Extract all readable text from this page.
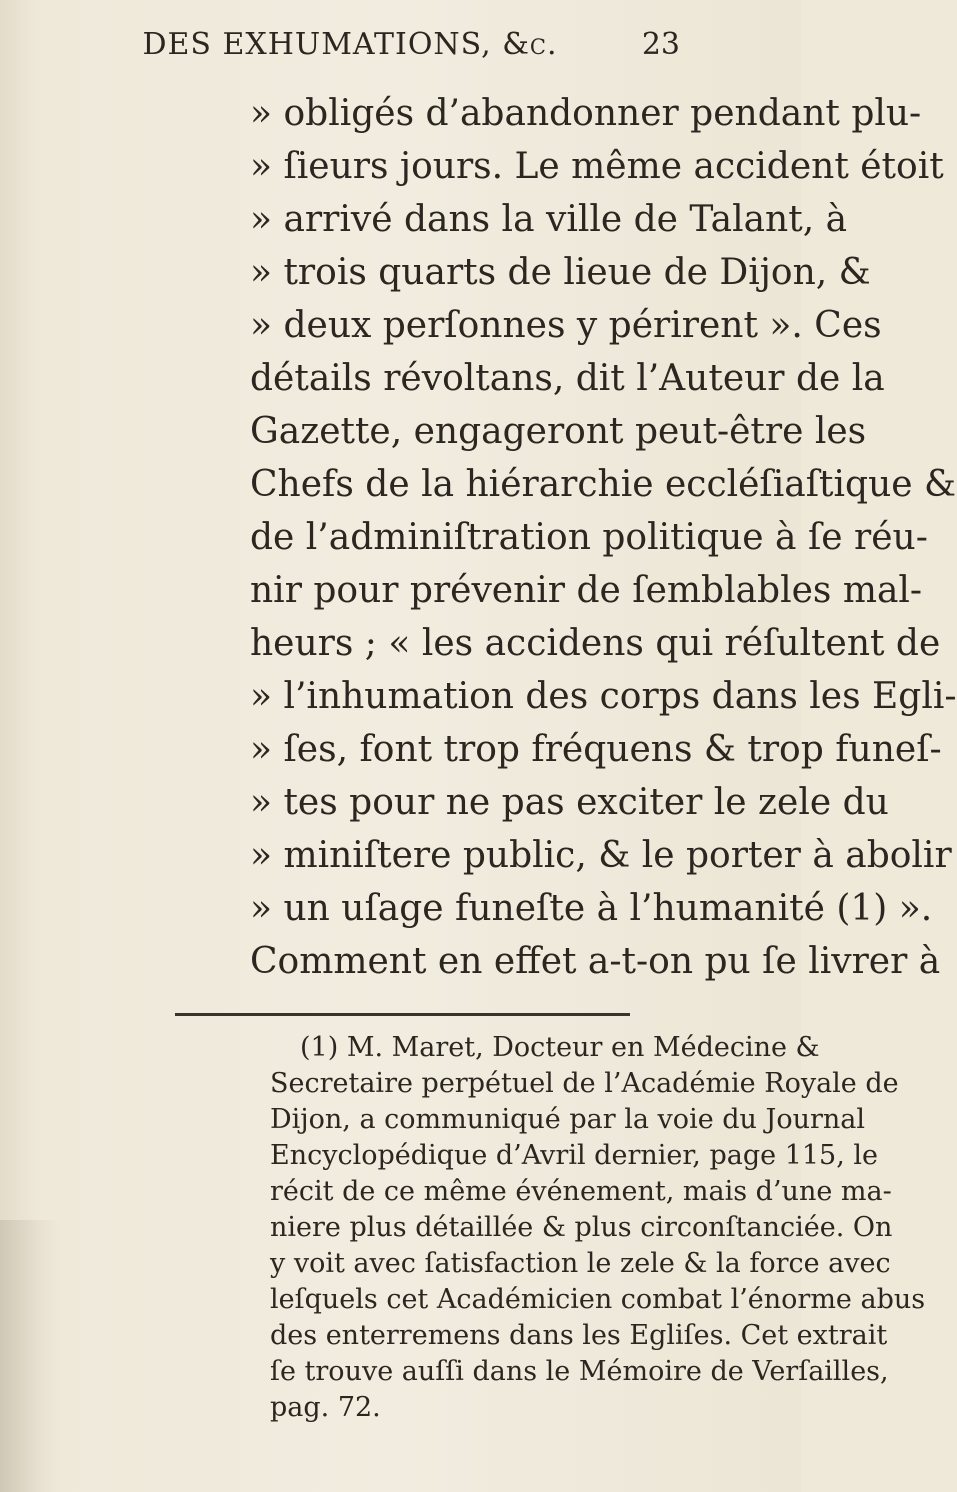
DES EXHUMATIONS, &c.	23
» obligés d’abandonner pendant plu-
» ſieurs jours. Le même accident étoit
» arrivé dans la ville de Talant, à
» trois quarts de lieue de Dijon, &
» deux perſonnes y périrent ». Ces
détails révoltans, dit l’Auteur de la
Gazette, engageront peut-être les
Chefs de la hiérarchie eccléſiaſtique &
de l’adminiſtration politique à ſe réu-
nir pour prévenir de ſemblables mal-
heurs ; « les accidens qui réſultent de
» l’inhumation des corps dans les Egli-
» ſes, font trop fréquens & trop funeſ-
» tes pour ne pas exciter le zele du
» miniſtere public, & le porter à abolir
» un uſage funeſte à l’humanité (1) ».
Comment en effet a-t-on pu ſe livrer à
(1) M. Maret, Docteur en Médecine &
Secretaire perpétuel de l’Académie Royale de
Dijon, a communiqué par la voie du Journal
Encyclopédique d’Avril dernier, page 115, le
récit de ce même événement, mais d’une ma-
niere plus détaillée & plus circonſtanciée. On
y voit avec ſatisfaction le zele & la force avec
leſquels cet Académicien combat l’énorme abus
des enterremens dans les Egliſes. Cet extrait
ſe trouve auſſi dans le Mémoire de Verſailles,
pag. 72.
